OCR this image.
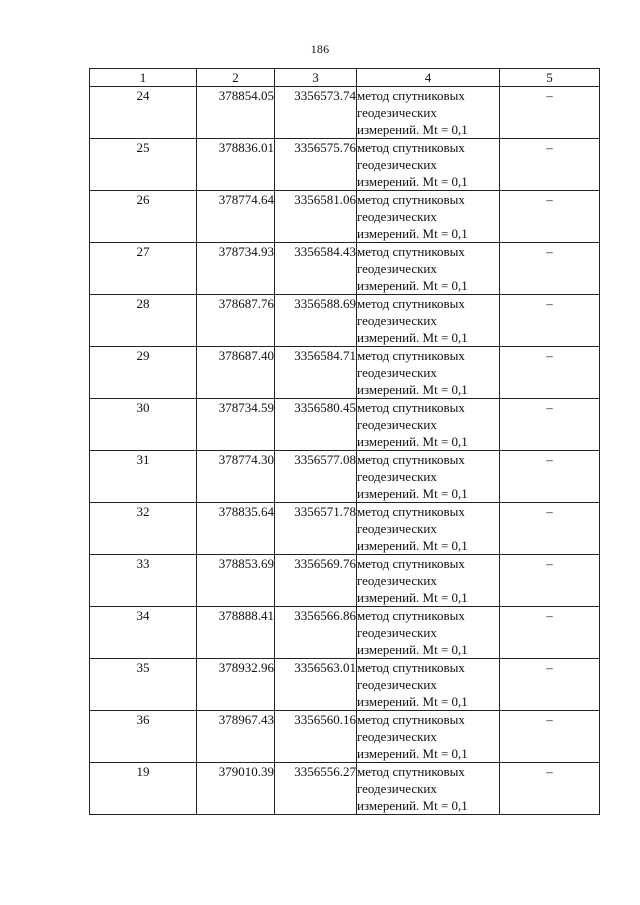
186
1	2	3	4	5
24	378854.05	3356573.74	метод спутниковых
геодезических
измерений. Mt = 0,1	–
25	378836.01	3356575.76	метод спутниковых
геодезических
измерений. Mt = 0,1	–
26	378774.64	3356581.06	метод спутниковых
геодезических
измерений. Mt = 0,1	–
27	378734.93	3356584.43	метод спутниковых
геодезических
измерений. Mt = 0,1	–
28	378687.76	3356588.69	метод спутниковых
геодезических
измерений. Mt = 0,1	–
29	378687.40	3356584.71	метод спутниковых
геодезических
измерений. Mt = 0,1	–
30	378734.59	3356580.45	метод спутниковых
геодезических
измерений. Mt = 0,1	–
31	378774.30	3356577.08	метод спутниковых
геодезических
измерений. Mt = 0,1	–
32	378835.64	3356571.78	метод спутниковых
геодезических
измерений. Mt = 0,1	–
33	378853.69	3356569.76	метод спутниковых
геодезических
измерений. Mt = 0,1	–
34	378888.41	3356566.86	метод спутниковых
геодезических
измерений. Mt = 0,1	–
35	378932.96	3356563.01	метод спутниковых
геодезических
измерений. Mt = 0,1	–
36	378967.43	3356560.16	метод спутниковых
геодезических
измерений. Mt = 0,1	–
19	379010.39	3356556.27	метод спутниковых
геодезических
измерений. Mt = 0,1	–
